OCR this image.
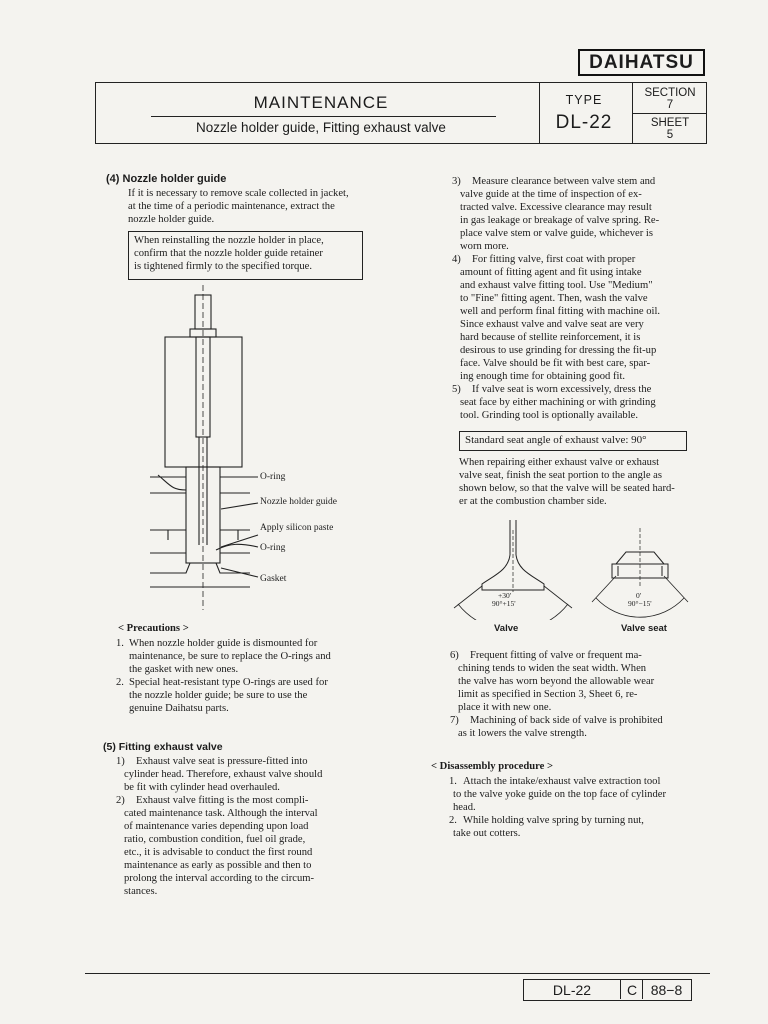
DAIHATSU
MAINTENANCE
Nozzle holder guide, Fitting exhaust valve
TYPE
DL-22
SECTION
7
SHEET
5
(4) Nozzle holder guide
If it is necessary to remove scale collected in jacket,
at the time of a periodic maintenance, extract the
nozzle holder guide.
When reinstalling the nozzle holder in place,
confirm that the nozzle holder guide retainer
is tightened firmly to the specified torque.
O-ring
Nozzle holder guide
Apply silicon paste
O-ring
Gasket
< Precautions >
1. When nozzle holder guide is dismounted for
maintenance, be sure to replace the O-rings and
the gasket with new ones.
2. Special heat-resistant type O-rings are used for
the nozzle holder guide; be sure to use the
genuine Daihatsu parts.
(5) Fitting exhaust valve
1) Exhaust valve seat is pressure-fitted into
cylinder head. Therefore, exhaust valve should
be fit with cylinder head overhauled.
2) Exhaust valve fitting is the most compli-
cated maintenance task. Although the interval
of maintenance varies depending upon load
ratio, combustion condition, fuel oil grade,
etc., it is advisable to conduct the first round
maintenance as early as possible and then to
prolong the interval according to the circum-
stances.
3) Measure clearance between valve stem and
valve guide at the time of inspection of ex-
tracted valve. Excessive clearance may result
in gas leakage or breakage of valve spring. Re-
place valve stem or valve guide, whichever is
worn more.
4) For fitting valve, first coat with proper
amount of fitting agent and fit using intake
and exhaust valve fitting tool. Use "Medium"
to "Fine" fitting agent. Then, wash the valve
well and perform final fitting with machine oil.
Since exhaust valve and valve seat are very
hard because of stellite reinforcement, it is
desirous to use grinding for dressing the fit-up
face. Valve should be fit with best care, spar-
ing enough time for obtaining good fit.
5) If valve seat is worn excessively, dress the
seat face by either machining or with grinding
tool. Grinding tool is optionally available.
Standard seat angle of exhaust valve: 90°
When repairing either exhaust valve or exhaust
valve seat, finish the seat portion to the angle as
shown below, so that the valve will be seated hard-
er at the combustion chamber side.
+30'
90°+15'
Valve
0'
90°−15'
Valve seat
6) Frequent fitting of valve or frequent ma-
chining tends to widen the seat width. When
the valve has worn beyond the allowable wear
limit as specified in Section 3, Sheet 6, re-
place it with new one.
7) Machining of back side of valve is prohibited
as it lowers the valve strength.
< Disassembly procedure >
1. Attach the intake/exhaust valve extraction tool
to the valve yoke guide on the top face of cylinder
head.
2. While holding valve spring by turning nut,
take out cotters.
DL-22	C 88−8
